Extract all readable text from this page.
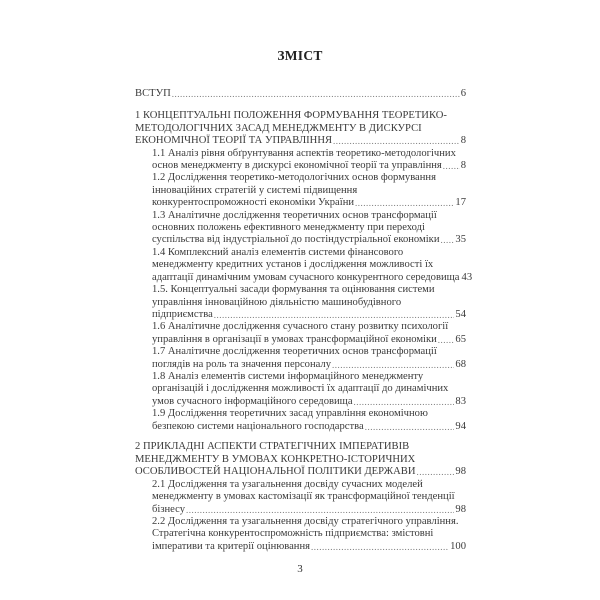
ЗМІСТ
ВСТУП .....	6
1 КОНЦЕПТУАЛЬНІ ПОЛОЖЕННЯ ФОРМУВАННЯ ТЕОРЕТИКО-
МЕТОДОЛОГІЧНИХ ЗАСАД МЕНЕДЖМЕНТУ В ДИСКУРСІ
ЕКОНОМІЧНОЇ ТЕОРІЇ ТА УПРАВЛІННЯ .....	8
1.1 Аналіз рівня обґрунтування аспектів теоретико-методологічних
основ менеджменту в дискурсі економічної теорії та управління ..... 8
1.2 Дослідження теоретико-методологічних основ формування
інноваційних стратегій у системі підвищення
конкурентоспроможності економіки України .....	17
1.3 Аналітичне дослідження теоретичних основ трансформації
основних положень ефективного менеджменту при переході
суспільства від індустріальної до постіндустріальної економіки ..... 35
1.4 Комплексний аналіз елементів системи фінансового
менеджменту кредитних установ і дослідження можливості їх
адаптації динамічним умовам сучасного конкурентного середовища 43
1.5. Концептуальні засади формування та оцінювання системи
управління інноваційною діяльністю машинобудівного
підприємства .....	54
1.6 Аналітичне дослідження сучасного стану розвитку психології
управління в організації в умовах трансформаційної економіки ..... 65
1.7 Аналітичне дослідження теоретичних основ трансформації
поглядів на роль та значення персоналу .....	68
1.8 Аналіз елементів системи інформаційного менеджменту
організацій і дослідження можливості їх адаптації до динамічних
умов сучасного інформаційного середовища .....	83
1.9 Дослідження теоретичних засад управління економічною
безпекою системи національного господарства .....	94
2 ПРИКЛАДНІ АСПЕКТИ СТРАТЕГІЧНИХ ІМПЕРАТИВІВ
МЕНЕДЖМЕНТУ В УМОВАХ КОНКРЕТНО-ІСТОРИЧНИХ
ОСОБЛИВОСТЕЙ НАЦІОНАЛЬНОЇ ПОЛІТИКИ ДЕРЖАВИ .....	98
2.1 Дослідження та узагальнення досвіду сучасних моделей
менеджменту в умовах кастомізації як трансформаційної тенденції
бізнесу .....	98
2.2 Дослідження та узагальнення досвіду стратегічного управління.
Стратегічна конкурентоспроможність підприємства: змістовні
імперативи та критерії оцінювання .....	100
3
